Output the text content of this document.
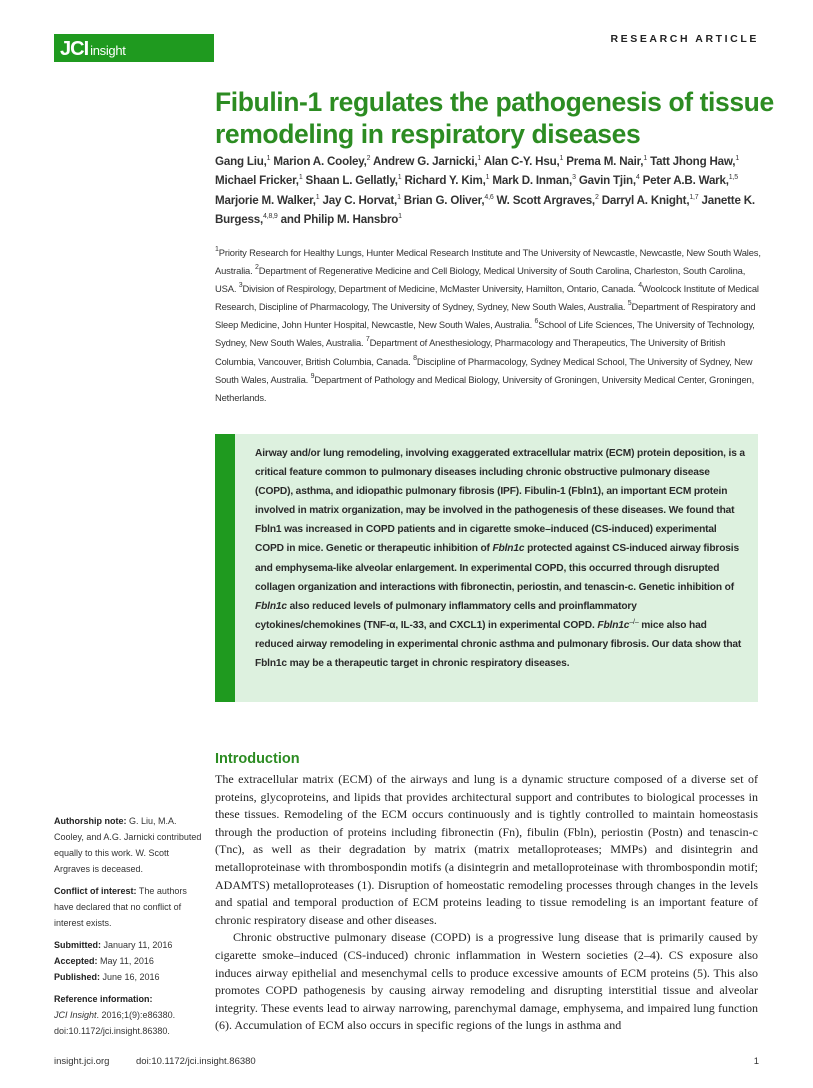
JCI insight
RESEARCH ARTICLE
Fibulin-1 regulates the pathogenesis of tissue remodeling in respiratory diseases
Gang Liu,$^1$ Marion A. Cooley,$^2$ Andrew G. Jarnicki,$^1$ Alan C-Y. Hsu,$^1$ Prema M. Nair,$^1$ Tatt Jhong Haw,$^1$ Michael Fricker,$^1$ Shaan L. Gellatly,$^1$ Richard Y. Kim,$^1$ Mark D. Inman,$^3$ Gavin Tjin,$^4$ Peter A.B. Wark,$^{1,5}$ Marjorie M. Walker,$^1$ Jay C. Horvat,$^1$ Brian G. Oliver,$^{4,6}$ W. Scott Argraves,$^2$ Darryl A. Knight,$^{1,7}$ Janette K. Burgess,$^{4,8,9}$ and Philip M. Hansbro$^1$
$^1$Priority Research for Healthy Lungs, Hunter Medical Research Institute and The University of Newcastle, Newcastle, New South Wales, Australia. $^2$Department of Regenerative Medicine and Cell Biology, Medical University of South Carolina, Charleston, South Carolina, USA. $^3$Division of Respirology, Department of Medicine, McMaster University, Hamilton, Ontario, Canada. $^4$Woolcock Institute of Medical Research, Discipline of Pharmacology, The University of Sydney, Sydney, New South Wales, Australia. $^5$Department of Respiratory and Sleep Medicine, John Hunter Hospital, Newcastle, New South Wales, Australia. $^6$School of Life Sciences, The University of Technology, Sydney, New South Wales, Australia. $^7$Department of Anesthesiology, Pharmacology and Therapeutics, The University of British Columbia, Vancouver, British Columbia, Canada. $^8$Discipline of Pharmacology, Sydney Medical School, The University of Sydney, New South Wales, Australia. $^9$Department of Pathology and Medical Biology, University of Groningen, University Medical Center, Groningen, Netherlands.
Airway and/or lung remodeling, involving exaggerated extracellular matrix (ECM) protein deposition, is a critical feature common to pulmonary diseases including chronic obstructive pulmonary disease (COPD), asthma, and idiopathic pulmonary fibrosis (IPF). Fibulin-1 (Fbln1), an important ECM protein involved in matrix organization, may be involved in the pathogenesis of these diseases. We found that Fbln1 was increased in COPD patients and in cigarette smoke–induced (CS-induced) experimental COPD in mice. Genetic or therapeutic inhibition of Fbln1c protected against CS-induced airway fibrosis and emphysema-like alveolar enlargement. In experimental COPD, this occurred through disrupted collagen organization and interactions with fibronectin, periostin, and tenascin-c. Genetic inhibition of Fbln1c also reduced levels of pulmonary inflammatory cells and proinflammatory cytokines/chemokines (TNF-α, IL-33, and CXCL1) in experimental COPD. Fbln1c–/– mice also had reduced airway remodeling in experimental chronic asthma and pulmonary fibrosis. Our data show that Fbln1c may be a therapeutic target in chronic respiratory diseases.
Authorship note: G. Liu, M.A. Cooley, and A.G. Jarnicki contributed equally to this work. W. Scott Argraves is deceased.
Conflict of interest: The authors have declared that no conflict of interest exists.
Submitted: January 11, 2016
Accepted: May 11, 2016
Published: June 16, 2016
Reference information:
JCI Insight. 2016;1(9):e86380.
doi:10.1172/jci.insight.86380.
Introduction

The extracellular matrix (ECM) of the airways and lung is a dynamic structure composed of a diverse set of proteins, glycoproteins, and lipids that provides architectural support and contributes to biological processes in these tissues. Remodeling of the ECM occurs continuously and is tightly controlled to maintain homeostasis through the production of proteins including fibronectin (Fn), fibulin (Fbln), periostin (Postn) and tenascin-c (Tnc), as well as their degradation by matrix (matrix metalloproteases; MMPs) and disintegrin and metalloproteinase with thrombospondin motifs (a disintegrin and metalloproteinase with thrombospondin motif; ADAMTS) metalloproteases (1). Disruption of homeostatic remodeling processes through changes in the levels and spatial and temporal production of ECM proteins leading to tissue remodeling is an important feature of chronic respiratory disease and other diseases.

Chronic obstructive pulmonary disease (COPD) is a progressive lung disease that is primarily caused by cigarette smoke–induced (CS-induced) chronic inflammation in Western societies (2–4). CS exposure also induces airway epithelial and mesenchymal cells to produce excessive amounts of ECM proteins (5). This also promotes COPD pathogenesis by causing airway remodeling and disrupting interstitial tissue and alveolar integrity. These events lead to airway narrowing, parenchymal damage, emphysema, and impaired lung function (6). Accumulation of ECM also occurs in specific regions of the lungs in asthma and

insight.jci.org	doi:10.1172/jci.insight.86380	1
